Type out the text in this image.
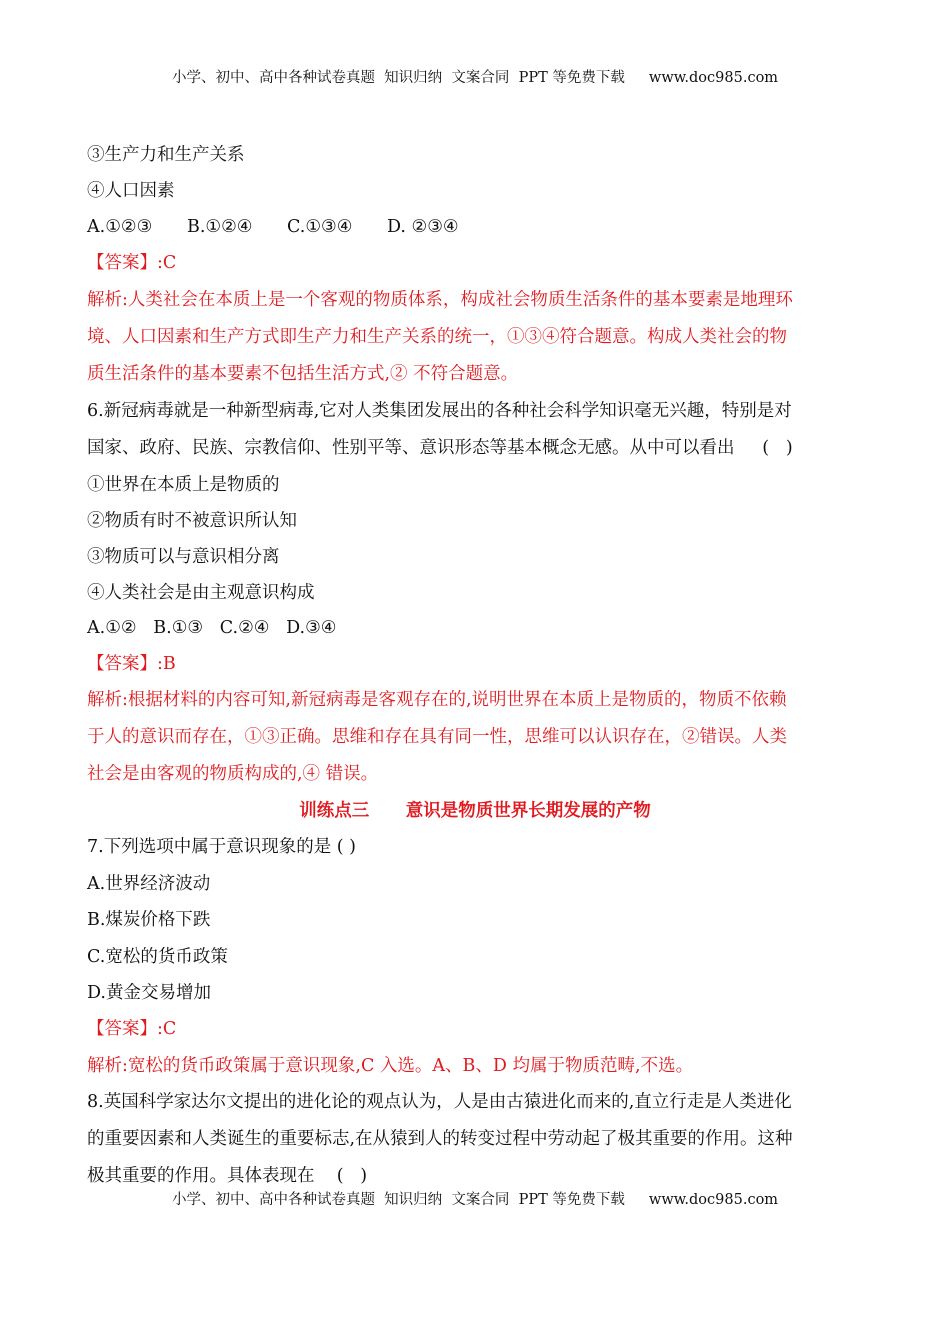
小学、初中、高中各种试卷真题  知识归纳  文案合同  PPT 等免费下载 www.doc985.com
③生产力和生产关系
④人口因素
A.①②③ B.①②④ C.①③④ D. ②③④
【答案】:C
解析:人类社会在本质上是一个客观的物质体系，构成社会物质生活条件的基本要素是地理环
境、人口因素和生产方式即生产力和生产关系的统一，①③④符合题意。构成人类社会的物
质生活条件的基本要素不包括生活方式,② 不符合题意。
6.新冠病毒就是一种新型病毒,它对人类集团发展出的各种社会科学知识毫无兴趣，特别是对
国家、政府、民族、宗教信仰、性别平等、意识形态等基本概念无感。从中可以看出     (   )
①世界在本质上是物质的
②物质有时不被意识所认知
③物质可以与意识相分离
④人类社会是由主观意识构成
A.①②   B.①③   C.②④   D.③④
【答案】:B
解析:根据材料的内容可知,新冠病毒是客观存在的,说明世界在本质上是物质的，物质不依赖
于人的意识而存在，①③正确。思维和存在具有同一性，思维可以认识存在，②错误。人类
社会是由客观的物质构成的,④ 错误。
训练点三      意识是物质世界长期发展的产物
7.下列选项中属于意识现象的是 ( )
A.世界经济波动
B.煤炭价格下跌
C.宽松的货币政策
D.黄金交易增加
【答案】:C
解析:宽松的货币政策属于意识现象,C 入选。A、B、D 均属于物质范畴,不选。
8.英国科学家达尔文提出的进化论的观点认为，人是由古猿进化而来的,直立行走是人类进化
的重要因素和人类诞生的重要标志,在从猿到人的转变过程中劳动起了极其重要的作用。这种
极其重要的作用。具体表现在    (   )
小学、初中、高中各种试卷真题  知识归纳  文案合同  PPT 等免费下载 www.doc985.com
